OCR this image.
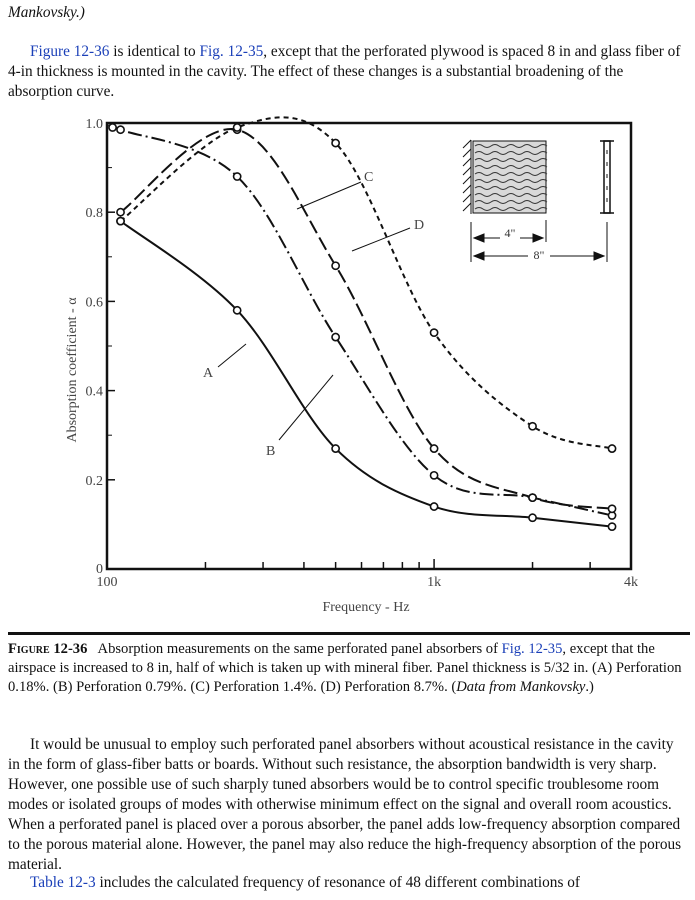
Mankovsky.)
Figure 12-36 is identical to Fig. 12-35, except that the perforated plywood is spaced 8 in and glass fiber of 4-in thickness is mounted in the cavity. The effect of these changes is a substantial broadening of the absorption curve.
0
0.2
0.4
0.6
0.8
1.0
100	1k	4k
Absorption coefficient - α
Frequency - Hz
A
B
C
D	4"
8"
Figure 12-36   Absorption measurements on the same perforated panel absorbers of Fig. 12-35, except that the airspace is increased to 8 in, half of which is taken up with mineral fiber. Panel thickness is 5/32 in. (A) Perforation 0.18%. (B) Perforation 0.79%. (C) Perforation 1.4%. (D) Perforation 8.7%. (Data from Mankovsky.)
It would be unusual to employ such perforated panel absorbers without acoustical resistance in the cavity in the form of glass-fiber batts or boards. Without such resistance, the absorption bandwidth is very sharp. However, one possible use of such sharply tuned absorbers would be to control specific troublesome room modes or isolated groups of modes with otherwise minimum effect on the signal and overall room acoustics. When a perforated panel is placed over a porous absorber, the panel adds low-frequency absorption compared to the porous material alone. However, the panel may also reduce the high-frequency absorption of the porous material.
Table 12-3 includes the calculated frequency of resonance of 48 different combinations of
